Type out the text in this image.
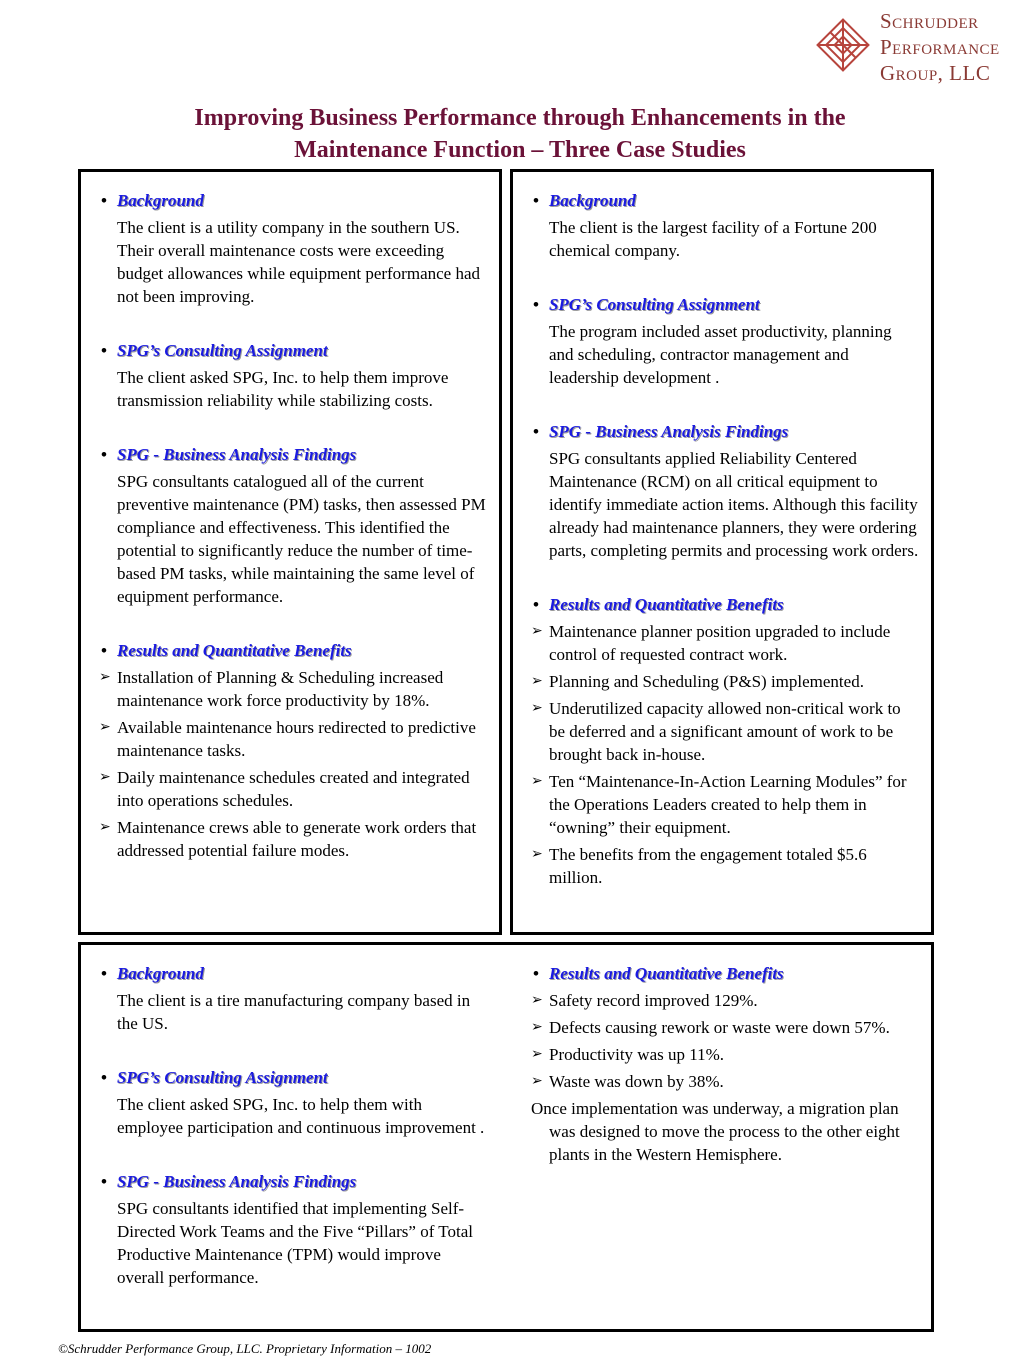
Schrudder
Performance
Group, LLC
Improving Business Performance through Enhancements in the
Maintenance Function – Three Case Studies
• Background
The client is a utility company in the southern US. Their overall maintenance costs were exceeding budget allowances while equipment performance had not been improving.
• SPG’s Consulting Assignment
The client asked SPG, Inc. to help them improve transmission reliability while stabilizing costs.
• SPG - Business Analysis Findings
SPG consultants catalogued all of the current preventive maintenance (PM) tasks, then assessed PM compliance and effectiveness. This identified the potential to significantly reduce the number of time-based PM tasks, while maintaining the same level of equipment performance.
• Results and Quantitative Benefits
➢ Installation of Planning & Scheduling increased maintenance work force productivity by 18%.
➢ Available maintenance hours redirected to predictive maintenance tasks.
➢ Daily maintenance schedules created and integrated into operations schedules.
➢ Maintenance crews able to generate work orders that addressed potential failure modes.
• Background
The client is the largest facility of a Fortune 200 chemical company.
• SPG’s Consulting Assignment
The program included asset productivity, planning and scheduling, contractor management and leadership development .
• SPG - Business Analysis Findings
SPG consultants applied Reliability Centered Maintenance (RCM) on all critical equipment to identify immediate action items. Although this facility already had maintenance planners, they were ordering parts, completing permits and processing work orders.
• Results and Quantitative Benefits
➢ Maintenance planner position upgraded to include control of requested contract work.
➢ Planning and Scheduling (P&S) implemented.
➢ Underutilized capacity allowed non-critical work to be deferred and a significant amount of work to be brought back in-house.
➢ Ten “Maintenance-In-Action Learning Modules” for the Operations Leaders created to help them in “owning” their equipment.
➢ The benefits from the engagement totaled $5.6 million.
• Background
The client is a tire manufacturing company based in the US.
• SPG’s Consulting Assignment
The client asked SPG, Inc. to help them with employee participation and continuous improvement .
• SPG - Business Analysis Findings
SPG consultants identified that implementing Self-Directed Work Teams and the Five “Pillars” of Total Productive Maintenance (TPM) would improve overall performance.
• Results and Quantitative Benefits
➢ Safety record improved 129%.
➢ Defects causing rework or waste were down 57%.
➢ Productivity was up 11%.
➢ Waste was down by 38%.
Once implementation was underway, a migration plan was designed to move the process to the other eight plants in the Western Hemisphere.
©Schrudder Performance Group, LLC. Proprietary Information – 1002
